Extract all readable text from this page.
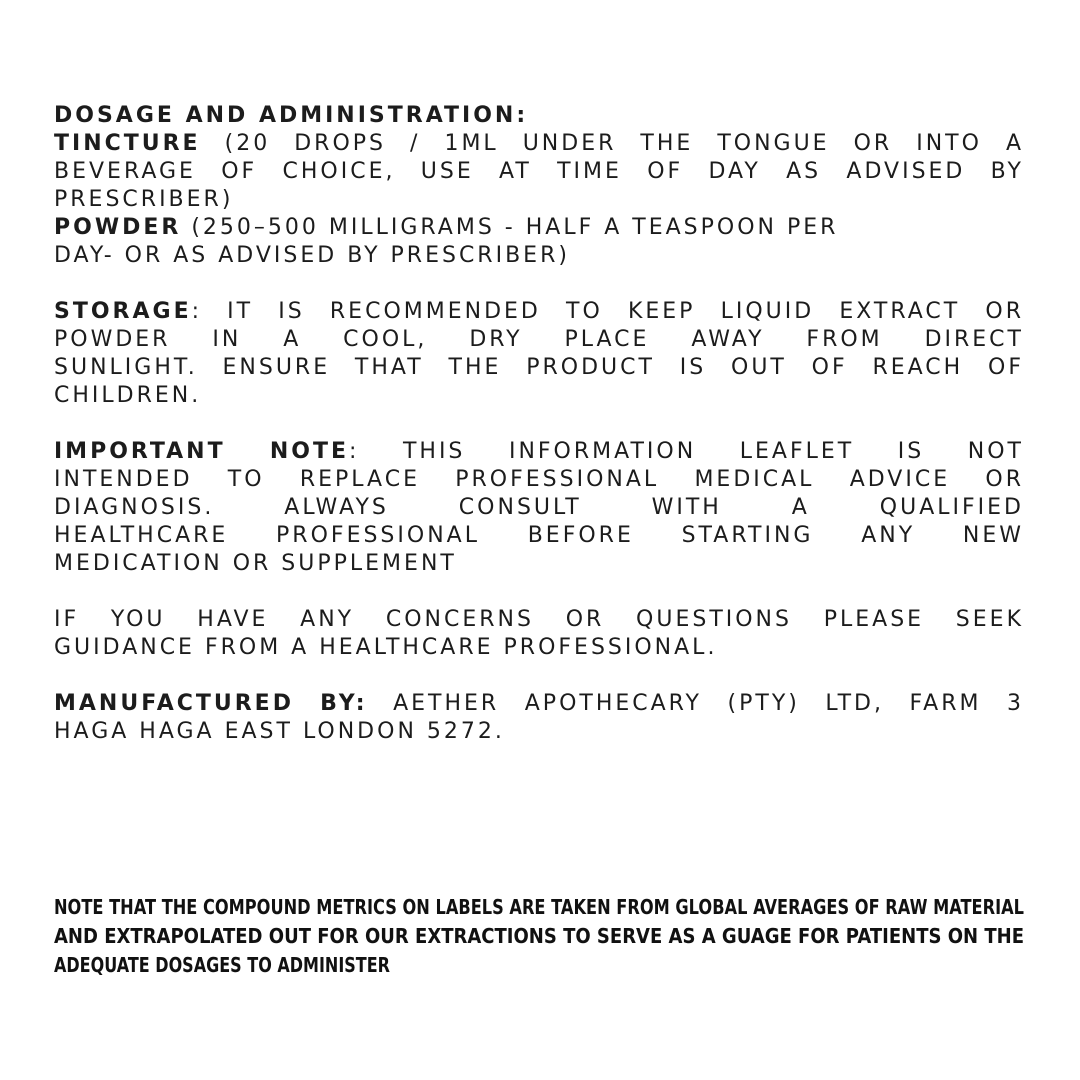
DOSAGE AND ADMINISTRATION:
TINCTURE (20 DROPS / 1ML UNDER THE TONGUE OR INTO A
BEVERAGE OF CHOICE, USE AT TIME OF DAY AS ADVISED BY
PRESCRIBER)
POWDER (250–500 MILLIGRAMS - HALF A TEASPOON PER
DAY- OR AS ADVISED BY PRESCRIBER)
STORAGE: IT IS RECOMMENDED TO KEEP LIQUID EXTRACT OR
POWDER IN A COOL, DRY PLACE AWAY FROM DIRECT
SUNLIGHT. ENSURE THAT THE PRODUCT IS OUT OF REACH OF
CHILDREN.
IMPORTANT NOTE: THIS INFORMATION LEAFLET IS NOT
INTENDED TO REPLACE PROFESSIONAL MEDICAL ADVICE OR
DIAGNOSIS. ALWAYS CONSULT WITH A QUALIFIED
HEALTHCARE PROFESSIONAL BEFORE STARTING ANY NEW
MEDICATION OR SUPPLEMENT
IF YOU HAVE ANY CONCERNS OR QUESTIONS PLEASE SEEK
GUIDANCE FROM A HEALTHCARE PROFESSIONAL.
MANUFACTURED BY: AETHER APOTHECARY (PTY) LTD, FARM 3
HAGA HAGA EAST LONDON 5272.
NOTE THAT THE COMPOUND METRICS ON LABELS ARE TAKEN FROM GLOBAL AVERAGES OF RAW MATERIAL
AND EXTRAPOLATED OUT FOR OUR EXTRACTIONS TO SERVE AS A GUAGE FOR PATIENTS ON THE
ADEQUATE DOSAGES TO ADMINISTER
